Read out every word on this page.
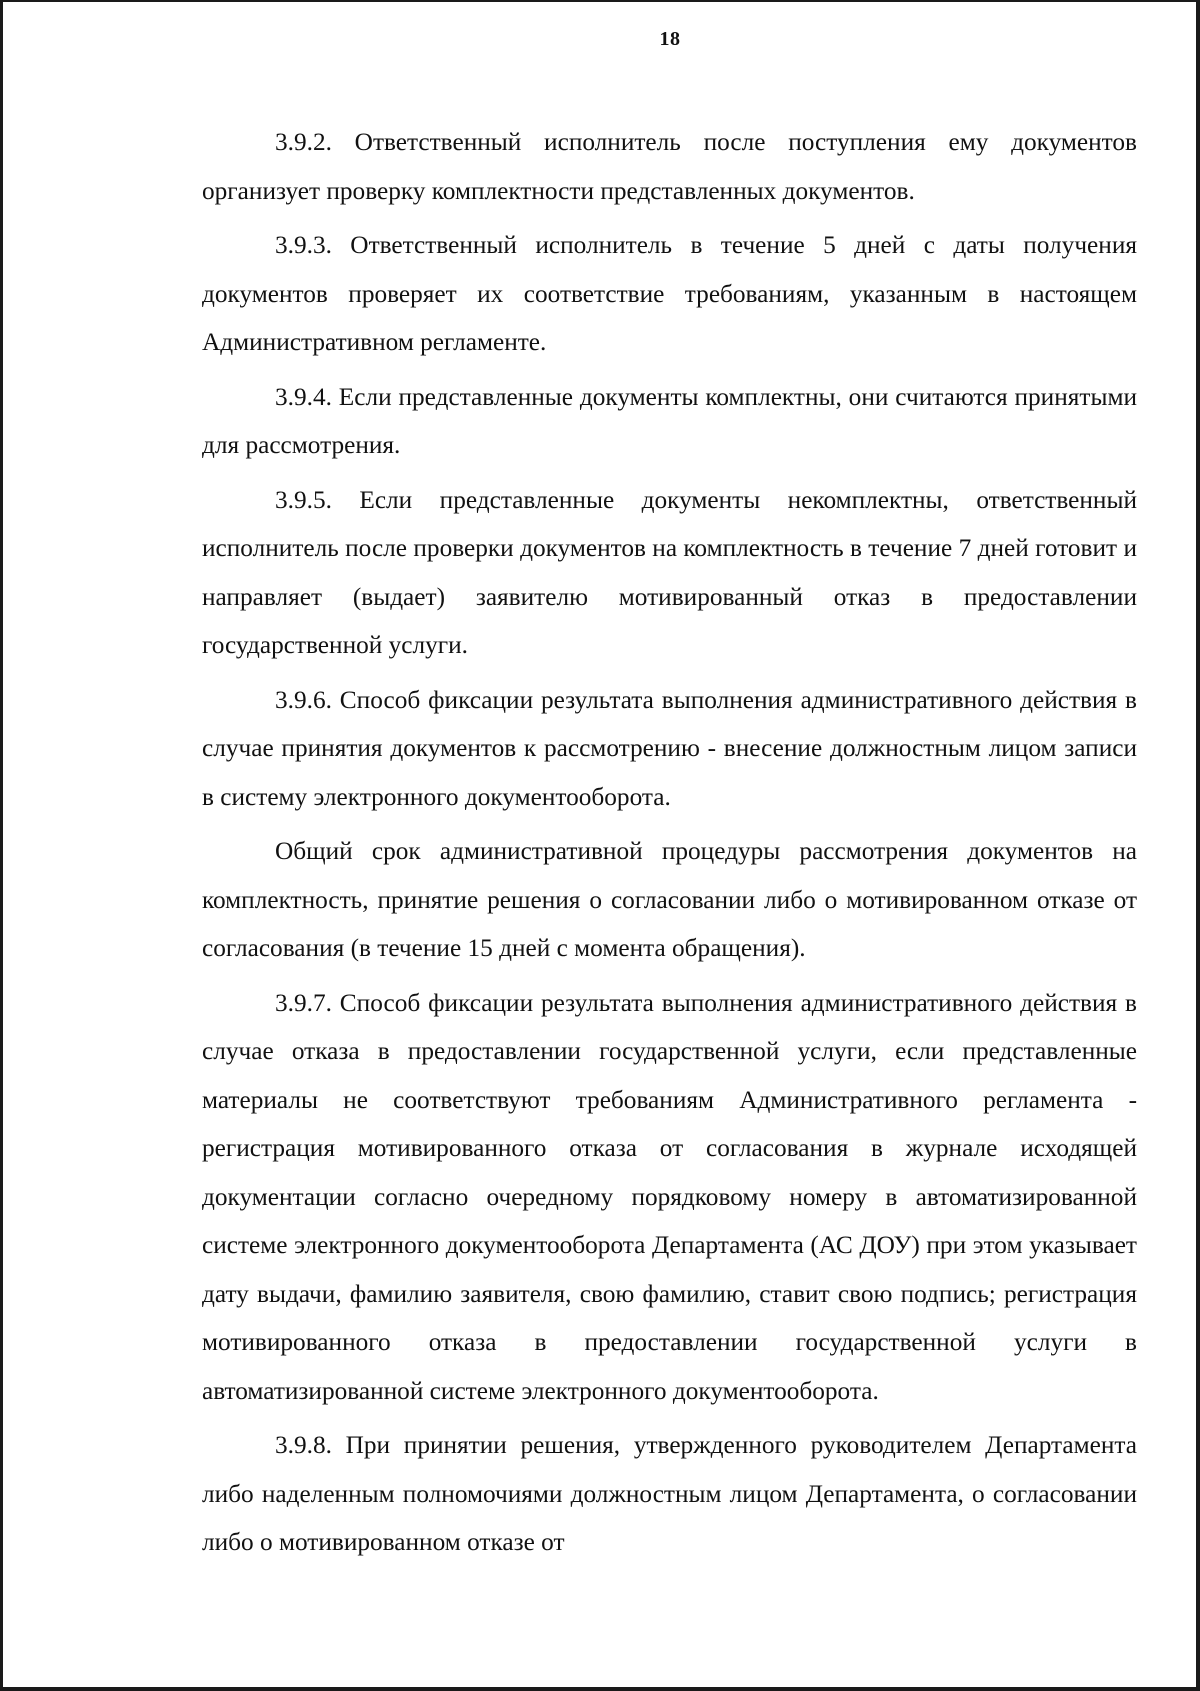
18

3.9.2. Ответственный исполнитель после поступления ему документов организует проверку комплектности представленных документов.

3.9.3. Ответственный исполнитель в течение 5 дней с даты получения документов проверяет их соответствие требованиям, указанным в настоящем Административном регламенте.

3.9.4. Если представленные документы комплектны, они считаются принятыми для рассмотрения.

3.9.5. Если представленные документы некомплектны, ответственный исполнитель после проверки документов на комплектность в течение 7 дней готовит и направляет (выдает) заявителю мотивированный отказ в предоставлении государственной услуги.

3.9.6. Способ фиксации результата выполнения административного действия в случае принятия документов к рассмотрению - внесение должностным лицом записи в систему электронного документооборота.

Общий срок административной процедуры рассмотрения документов на комплектность, принятие решения о согласовании либо о мотивированном отказе от согласования (в течение 15 дней с момента обращения).

3.9.7. Способ фиксации результата выполнения административного действия в случае отказа в предоставлении государственной услуги, если представленные материалы не соответствуют требованиям Административного регламента - регистрация мотивированного отказа от согласования в журнале исходящей документации согласно очередному порядковому номеру в автоматизированной системе электронного документооборота Департамента (АС ДОУ) при этом указывает дату выдачи, фамилию заявителя, свою фамилию, ставит свою подпись; регистрация мотивированного отказа в предоставлении государственной услуги в автоматизированной системе электронного документооборота.

3.9.8. При принятии решения, утвержденного руководителем Департамента либо наделенным полномочиями должностным лицом Департамента, о согласовании либо о мотивированном отказе от
